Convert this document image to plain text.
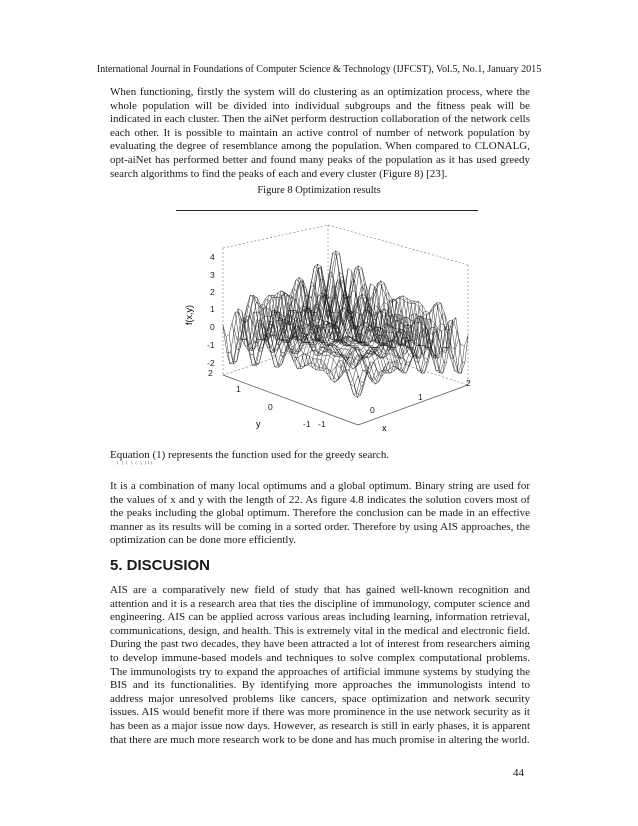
International Journal in Foundations of Computer Science & Technology (IJFCST), Vol.5, No.1, January 2015
When functioning, firstly the system will do clustering as an optimization process, where the whole population will be divided into individual subgroups and the fitness peak will be indicated in each cluster. Then the aiNet perform destruction collaboration of the network cells each other. It is possible to maintain an active control of number of network population by evaluating the degree of resemblance among the population. When compared to CLONALG, opt-aiNet has performed better and found many peaks of the population as it has used greedy search algorithms to find the peaks of each and every cluster (Figure 8) [23].
Figure 8 Optimization results
f(x,y)
4
3
2
1
0
-1
-2
2
1
0
-1 -1
0
1
2
y	x
Equation (1) represents the function used for the greedy search.
( ) ( ) ( ) (1)
It is a combination of many local optimums and a global optimum. Binary string are used for the values of x and y with the length of 22. As figure 4.8 indicates the solution covers most of the peaks including the global optimum. Therefore the conclusion can be made in an effective manner as its results will be coming in a sorted order. Therefore by using AIS approaches, the optimization can be done more efficiently.
5. DISCUSION
AIS are a comparatively new field of study that has gained well-known recognition and attention and it is a research area that ties the discipline of immunology, computer science and engineering. AIS can be applied across various areas including learning, information retrieval, communications, design, and health. This is extremely vital in the medical and electronic field. During the past two decades, they have been attracted a lot of interest from researchers aiming to develop immune-based models and techniques to solve complex computational problems. The immunologists try to expand the approaches of artificial immune systems by studying the BIS and its functionalities. By identifying more approaches the immunologists intend to address major unresolved problems like cancers, space optimization and network security issues. AIS would benefit more if there was more prominence in the use network security as it has been as a major issue now days. However, as research is still in early phases, it is apparent that there are much more research work to be done and has much promise in altering the world.
44
